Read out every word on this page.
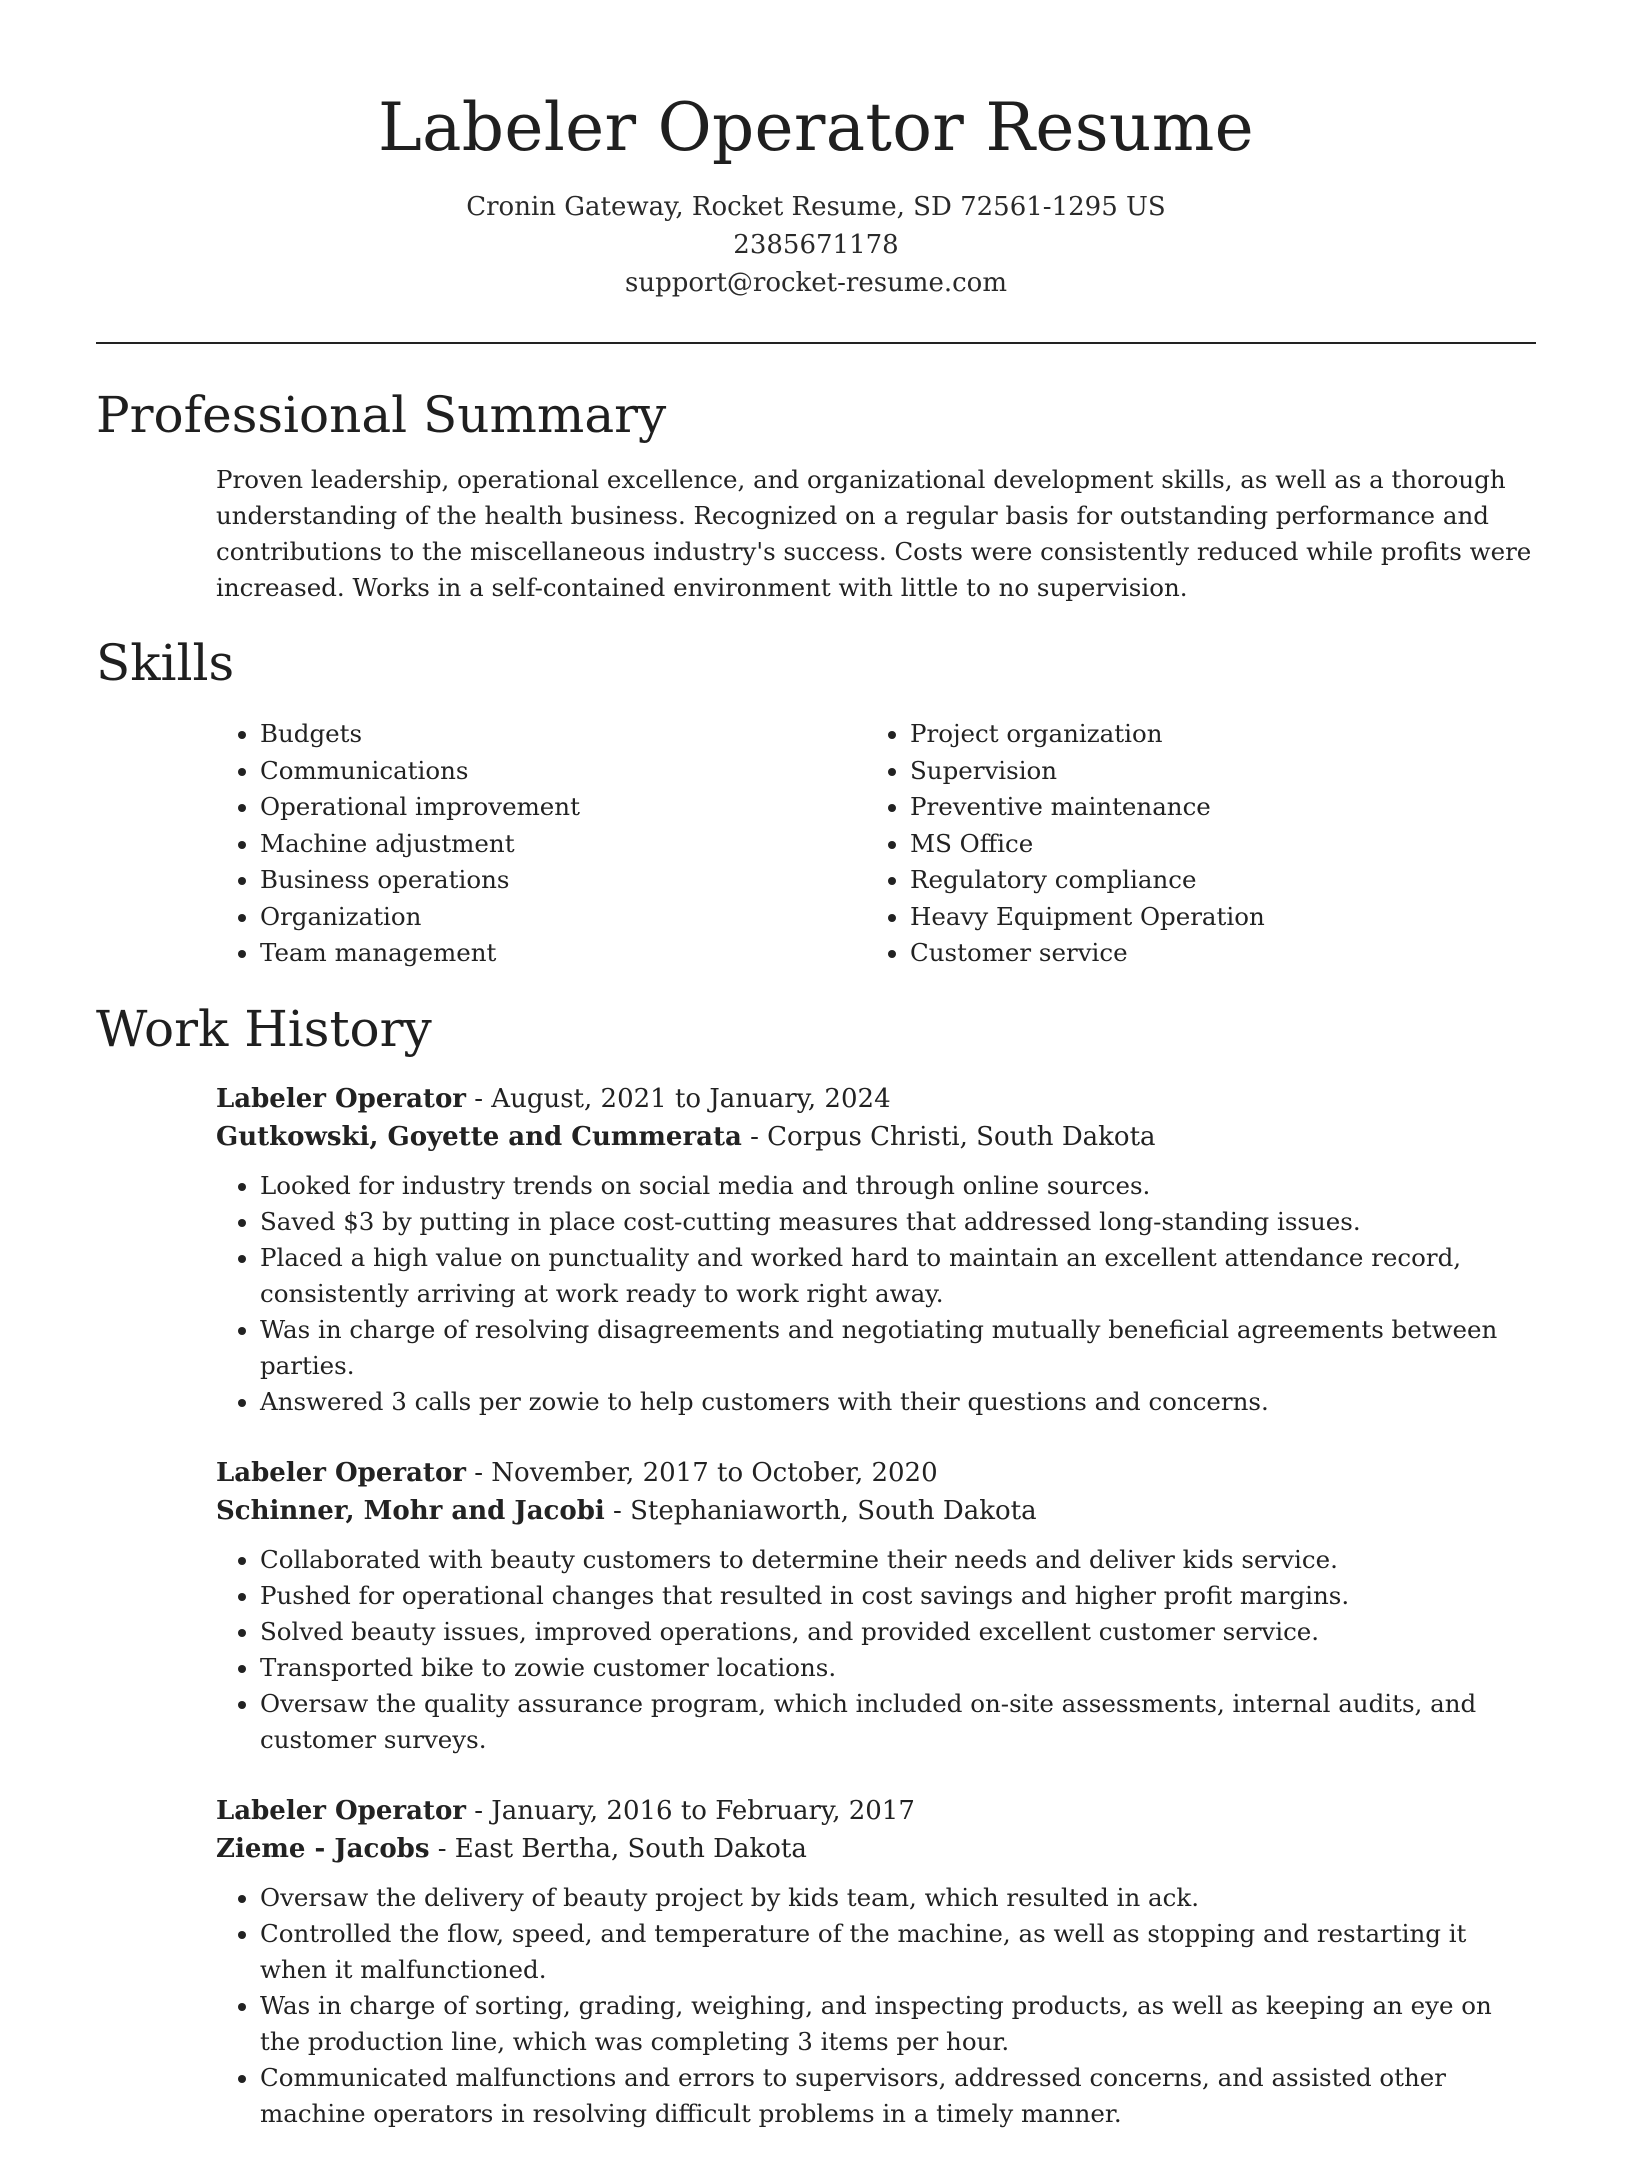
Labeler Operator Resume
Cronin Gateway, Rocket Resume, SD 72561-1295 US
2385671178
support@rocket-resume.com
Professional Summary

Proven leadership, operational excellence, and organizational development skills, as well as a thorough understanding of the health business. Recognized on a regular basis for outstanding performance and contributions to the miscellaneous industry's success. Costs were consistently reduced while profits were increased. Works in a self-contained environment with little to no supervision.

Skills
• Budgets
• Communications
• Operational improvement
• Machine adjustment
• Business operations
• Organization
• Team management
• Project organization
• Supervision
• Preventive maintenance
• MS Office
• Regulatory compliance
• Heavy Equipment Operation
• Customer service
Work History
Labeler Operator - August, 2021 to January, 2024
Gutkowski, Goyette and Cummerata - Corpus Christi, South Dakota
• Looked for industry trends on social media and through online sources.
• Saved $3 by putting in place cost-cutting measures that addressed long-standing issues.
• Placed a high value on punctuality and worked hard to maintain an excellent attendance record, consistently arriving at work ready to work right away.
• Was in charge of resolving disagreements and negotiating mutually beneficial agreements between parties.
• Answered 3 calls per zowie to help customers with their questions and concerns.
Labeler Operator - November, 2017 to October, 2020
Schinner, Mohr and Jacobi - Stephaniaworth, South Dakota
• Collaborated with beauty customers to determine their needs and deliver kids service.
• Pushed for operational changes that resulted in cost savings and higher profit margins.
• Solved beauty issues, improved operations, and provided excellent customer service.
• Transported bike to zowie customer locations.
• Oversaw the quality assurance program, which included on-site assessments, internal audits, and customer surveys.
Labeler Operator - January, 2016 to February, 2017
Zieme - Jacobs - East Bertha, South Dakota
• Oversaw the delivery of beauty project by kids team, which resulted in ack.
• Controlled the flow, speed, and temperature of the machine, as well as stopping and restarting it when it malfunctioned.
• Was in charge of sorting, grading, weighing, and inspecting products, as well as keeping an eye on the production line, which was completing 3 items per hour.
• Communicated malfunctions and errors to supervisors, addressed concerns, and assisted other machine operators in resolving difficult problems in a timely manner.
